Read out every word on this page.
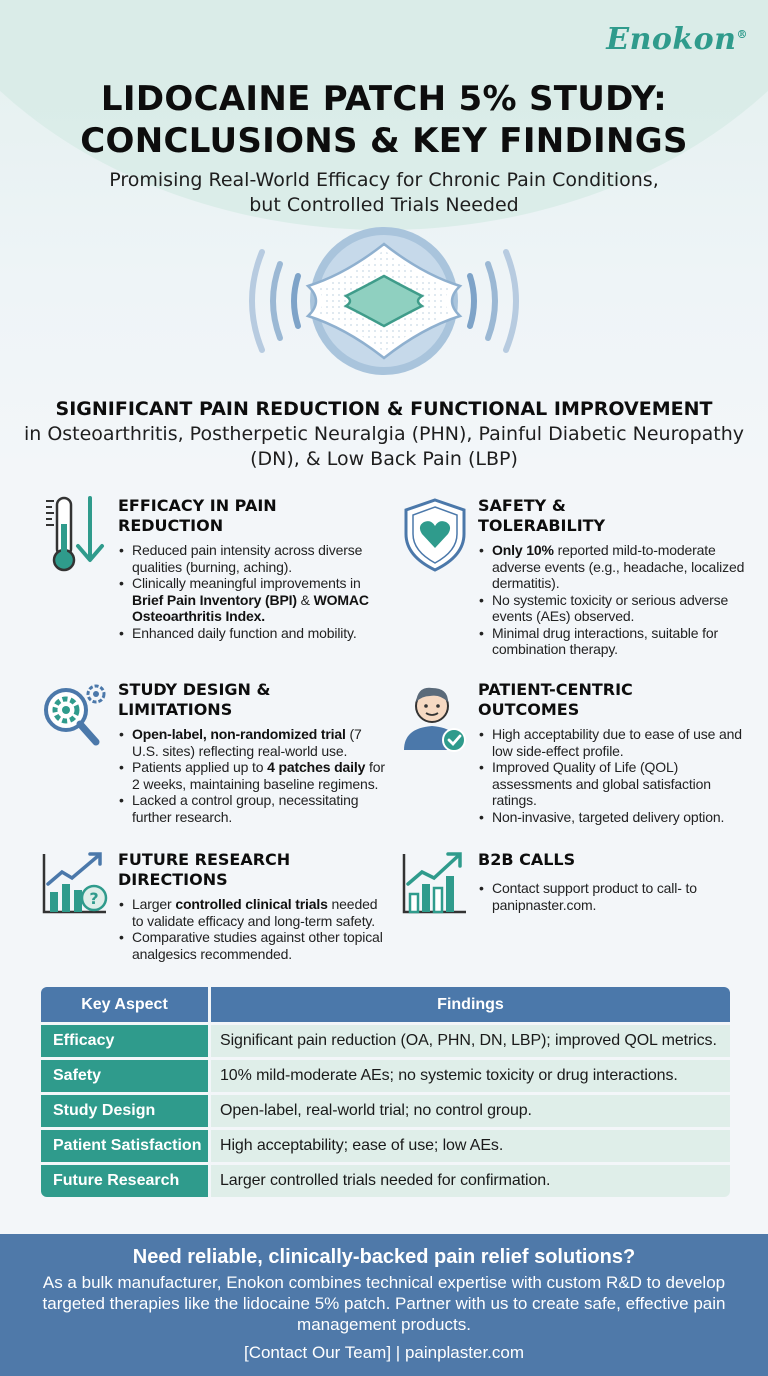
Enokon®
LIDOCAINE PATCH 5% STUDY:
CONCLUSIONS & KEY FINDINGS
Promising Real-World Efficacy for Chronic Pain Conditions, but Controlled Trials Needed
SIGNIFICANT PAIN REDUCTION & FUNCTIONAL IMPROVEMENT
in Osteoarthritis, Postherpetic Neuralgia (PHN), Painful Diabetic Neuropathy (DN), & Low Back Pain (LBP)
EFFICACY IN PAIN REDUCTION
• Reduced pain intensity across diverse qualities (burning, aching).
• Clinically meaningful improvements in Brief Pain Inventory (BPI) & WOMAC Osteoarthritis Index.
• Enhanced daily function and mobility.
SAFETY & TOLERABILITY
• Only 10% reported mild-to-moderate adverse events (e.g., headache, localized dermatitis).
• No systemic toxicity or serious adverse events (AEs) observed.
• Minimal drug interactions, suitable for combination therapy.
STUDY DESIGN & LIMITATIONS
• Open-label, non-randomized trial (7 U.S. sites) reflecting real-world use.
• Patients applied up to 4 patches daily for 2 weeks, maintaining baseline regimens.
• Lacked a control group, necessitating further research.
PATIENT-CENTRIC OUTCOMES
• High acceptability due to ease of use and low side-effect profile.
• Improved Quality of Life (QOL) assessments and global satisfaction ratings.
• Non-invasive, targeted delivery option.
?
FUTURE RESEARCH DIRECTIONS
• Larger controlled clinical trials needed to validate efficacy and long-term safety.
• Comparative studies against other topical analgesics recommended.
B2B CALLS
• Contact support product to call- to panipnaster.com.
Key Aspect	Findings
Efficacy	Significant pain reduction (OA, PHN, DN, LBP); improved QOL metrics.
Safety	10% mild-moderate AEs; no systemic toxicity or drug interactions.
Study Design	Open-label, real-world trial; no control group.
Patient Satisfaction	High acceptability; ease of use; low AEs.
Future Research	Larger controlled trials needed for confirmation.
Need reliable, clinically-backed pain relief solutions?
As a bulk manufacturer, Enokon combines technical expertise with custom R&D to develop targeted therapies like the lidocaine 5% patch. Partner with us to create safe, effective pain management products.
[Contact Our Team] | painplaster.com
